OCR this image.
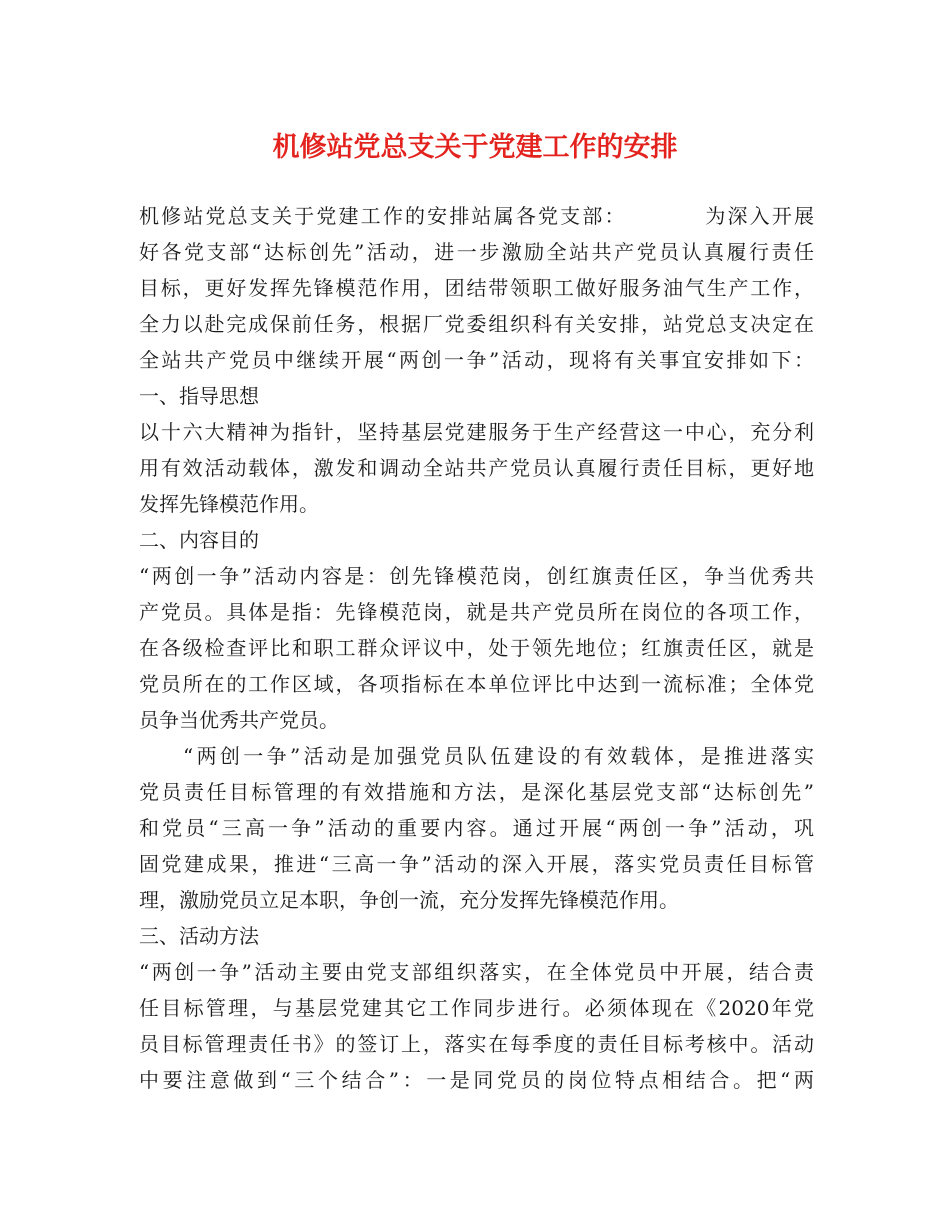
机修站党总支关于党建工作的安排
机修站党总支关于党建工作的安排站属各党支部：　　　　为深入开展
好各党支部“达标创先”活动，进一步激励全站共产党员认真履行责任
目标，更好发挥先锋模范作用，团结带领职工做好服务油气生产工作，
全力以赴完成保前任务，根据厂党委组织科有关安排，站党总支决定在
全站共产党员中继续开展“两创一争”活动，现将有关事宜安排如下：
一、指导思想
以十六大精神为指针，坚持基层党建服务于生产经营这一中心，充分利
用有效活动载体，激发和调动全站共产党员认真履行责任目标，更好地
发挥先锋模范作用。
二、内容目的
“两创一争”活动内容是：创先锋模范岗，创红旗责任区，争当优秀共
产党员。具体是指：先锋模范岗，就是共产党员所在岗位的各项工作，
在各级检查评比和职工群众评议中，处于领先地位；红旗责任区，就是
党员所在的工作区域，各项指标在本单位评比中达到一流标准；全体党
员争当优秀共产党员。
“两创一争”活动是加强党员队伍建设的有效载体，是推进落实
党员责任目标管理的有效措施和方法，是深化基层党支部“达标创先”
和党员“三高一争”活动的重要内容。通过开展“两创一争”活动，巩
固党建成果，推进“三高一争”活动的深入开展，落实党员责任目标管
理，激励党员立足本职，争创一流，充分发挥先锋模范作用。
三、活动方法
“两创一争”活动主要由党支部组织落实，在全体党员中开展，结合责
任目标管理，与基层党建其它工作同步进行。必须体现在《2020年党
员目标管理责任书》的签订上，落实在每季度的责任目标考核中。活动
中要注意做到“三个结合”：一是同党员的岗位特点相结合。把“两
